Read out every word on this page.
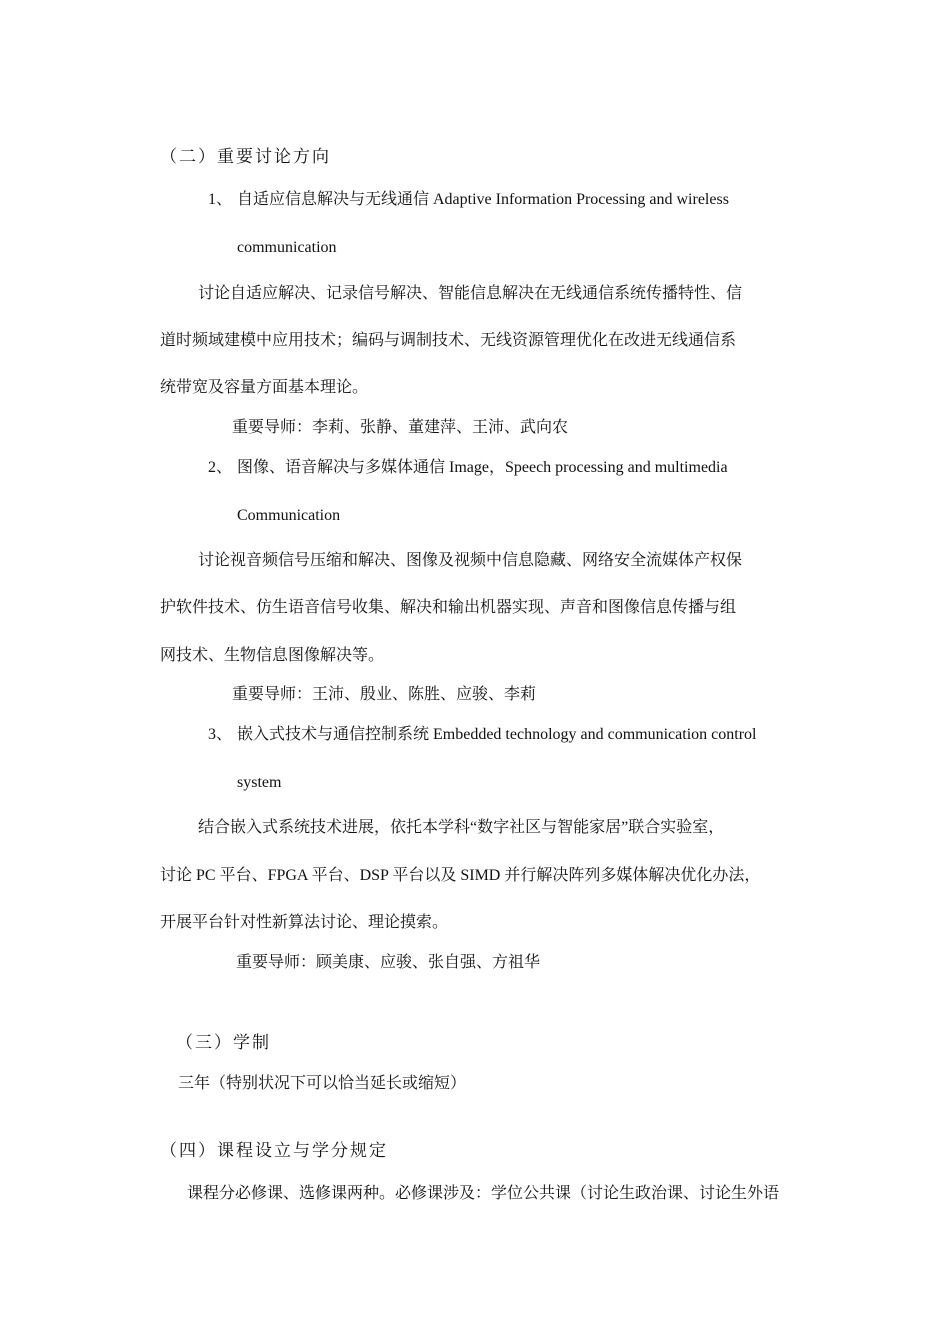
（二）重要讨论方向
1、 自适应信息解决与无线通信 Adaptive Information Processing and wireless
communication
讨论自适应解决、记录信号解决、智能信息解决在无线通信系统传播特性、信
道时频域建模中应用技术；编码与调制技术、无线资源管理优化在改进无线通信系
统带宽及容量方面基本理论。
重要导师：李莉、张静、董建萍、王沛、武向农
2、 图像、语音解决与多媒体通信 Image，Speech processing and multimedia
Communication
讨论视音频信号压缩和解决、图像及视频中信息隐藏、网络安全流媒体产权保
护软件技术、仿生语音信号收集、解决和输出机器实现、声音和图像信息传播与组
网技术、生物信息图像解决等。
重要导师：王沛、殷业、陈胜、应骏、李莉
3、 嵌入式技术与通信控制系统 Embedded technology and communication control
system
结合嵌入式系统技术进展，依托本学科“数字社区与智能家居”联合实验室，
讨论 PC 平台、FPGA 平台、DSP 平台以及 SIMD 并行解决阵列多媒体解决优化办法，
开展平台针对性新算法讨论、理论摸索。
重要导师：顾美康、应骏、张自强、方祖华
（三）学制
三年（特别状况下可以恰当延长或缩短）
（四）课程设立与学分规定
课程分必修课、选修课两种。必修课涉及：学位公共课（讨论生政治课、讨论生外语
